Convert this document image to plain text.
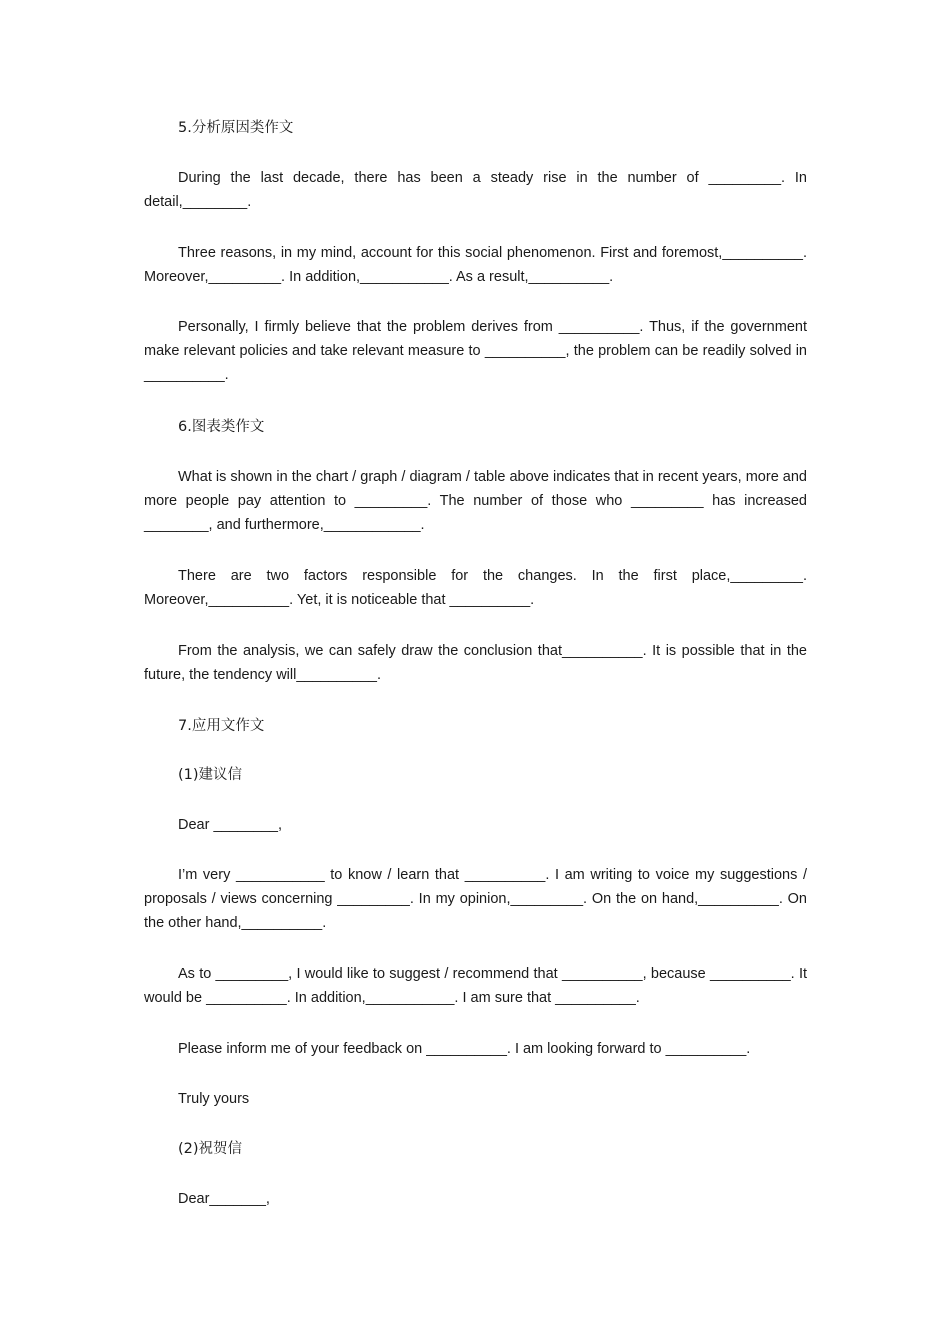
5.分析原因类作文

During the last decade, there has been a steady rise in the number of _________. In detail,________.

Three reasons, in my mind, account for this social phenomenon. First and foremost,__________. Moreover,_________. In addition,___________. As a result,__________.

Personally, I firmly believe that the problem derives from __________. Thus, if the government make relevant policies and take relevant measure to __________, the problem can be readily solved in __________.

6.图表类作文

What is shown in the chart / graph / diagram / table above indicates that in recent years, more and more people pay attention to _________. The number of those who _________ has increased ________, and furthermore,____________.

There are two factors responsible for the changes. In the first place,_________. Moreover,__________. Yet, it is noticeable that __________.

From the analysis, we can safely draw the conclusion that__________. It is possible that in the future, the tendency will__________.

7.应用文作文
(1)建议信
Dear ________,

I’m very ___________ to know / learn that __________. I am writing to voice my suggestions / proposals / views concerning _________. In my opinion,_________. On the on hand,__________. On the other hand,__________.

As to _________, I would like to suggest / recommend that __________, because __________. It would be __________. In addition,___________. I am sure that __________.

Please inform me of your feedback on __________. I am looking forward to __________.
Truly yours
(2)祝贺信
Dear_______,
